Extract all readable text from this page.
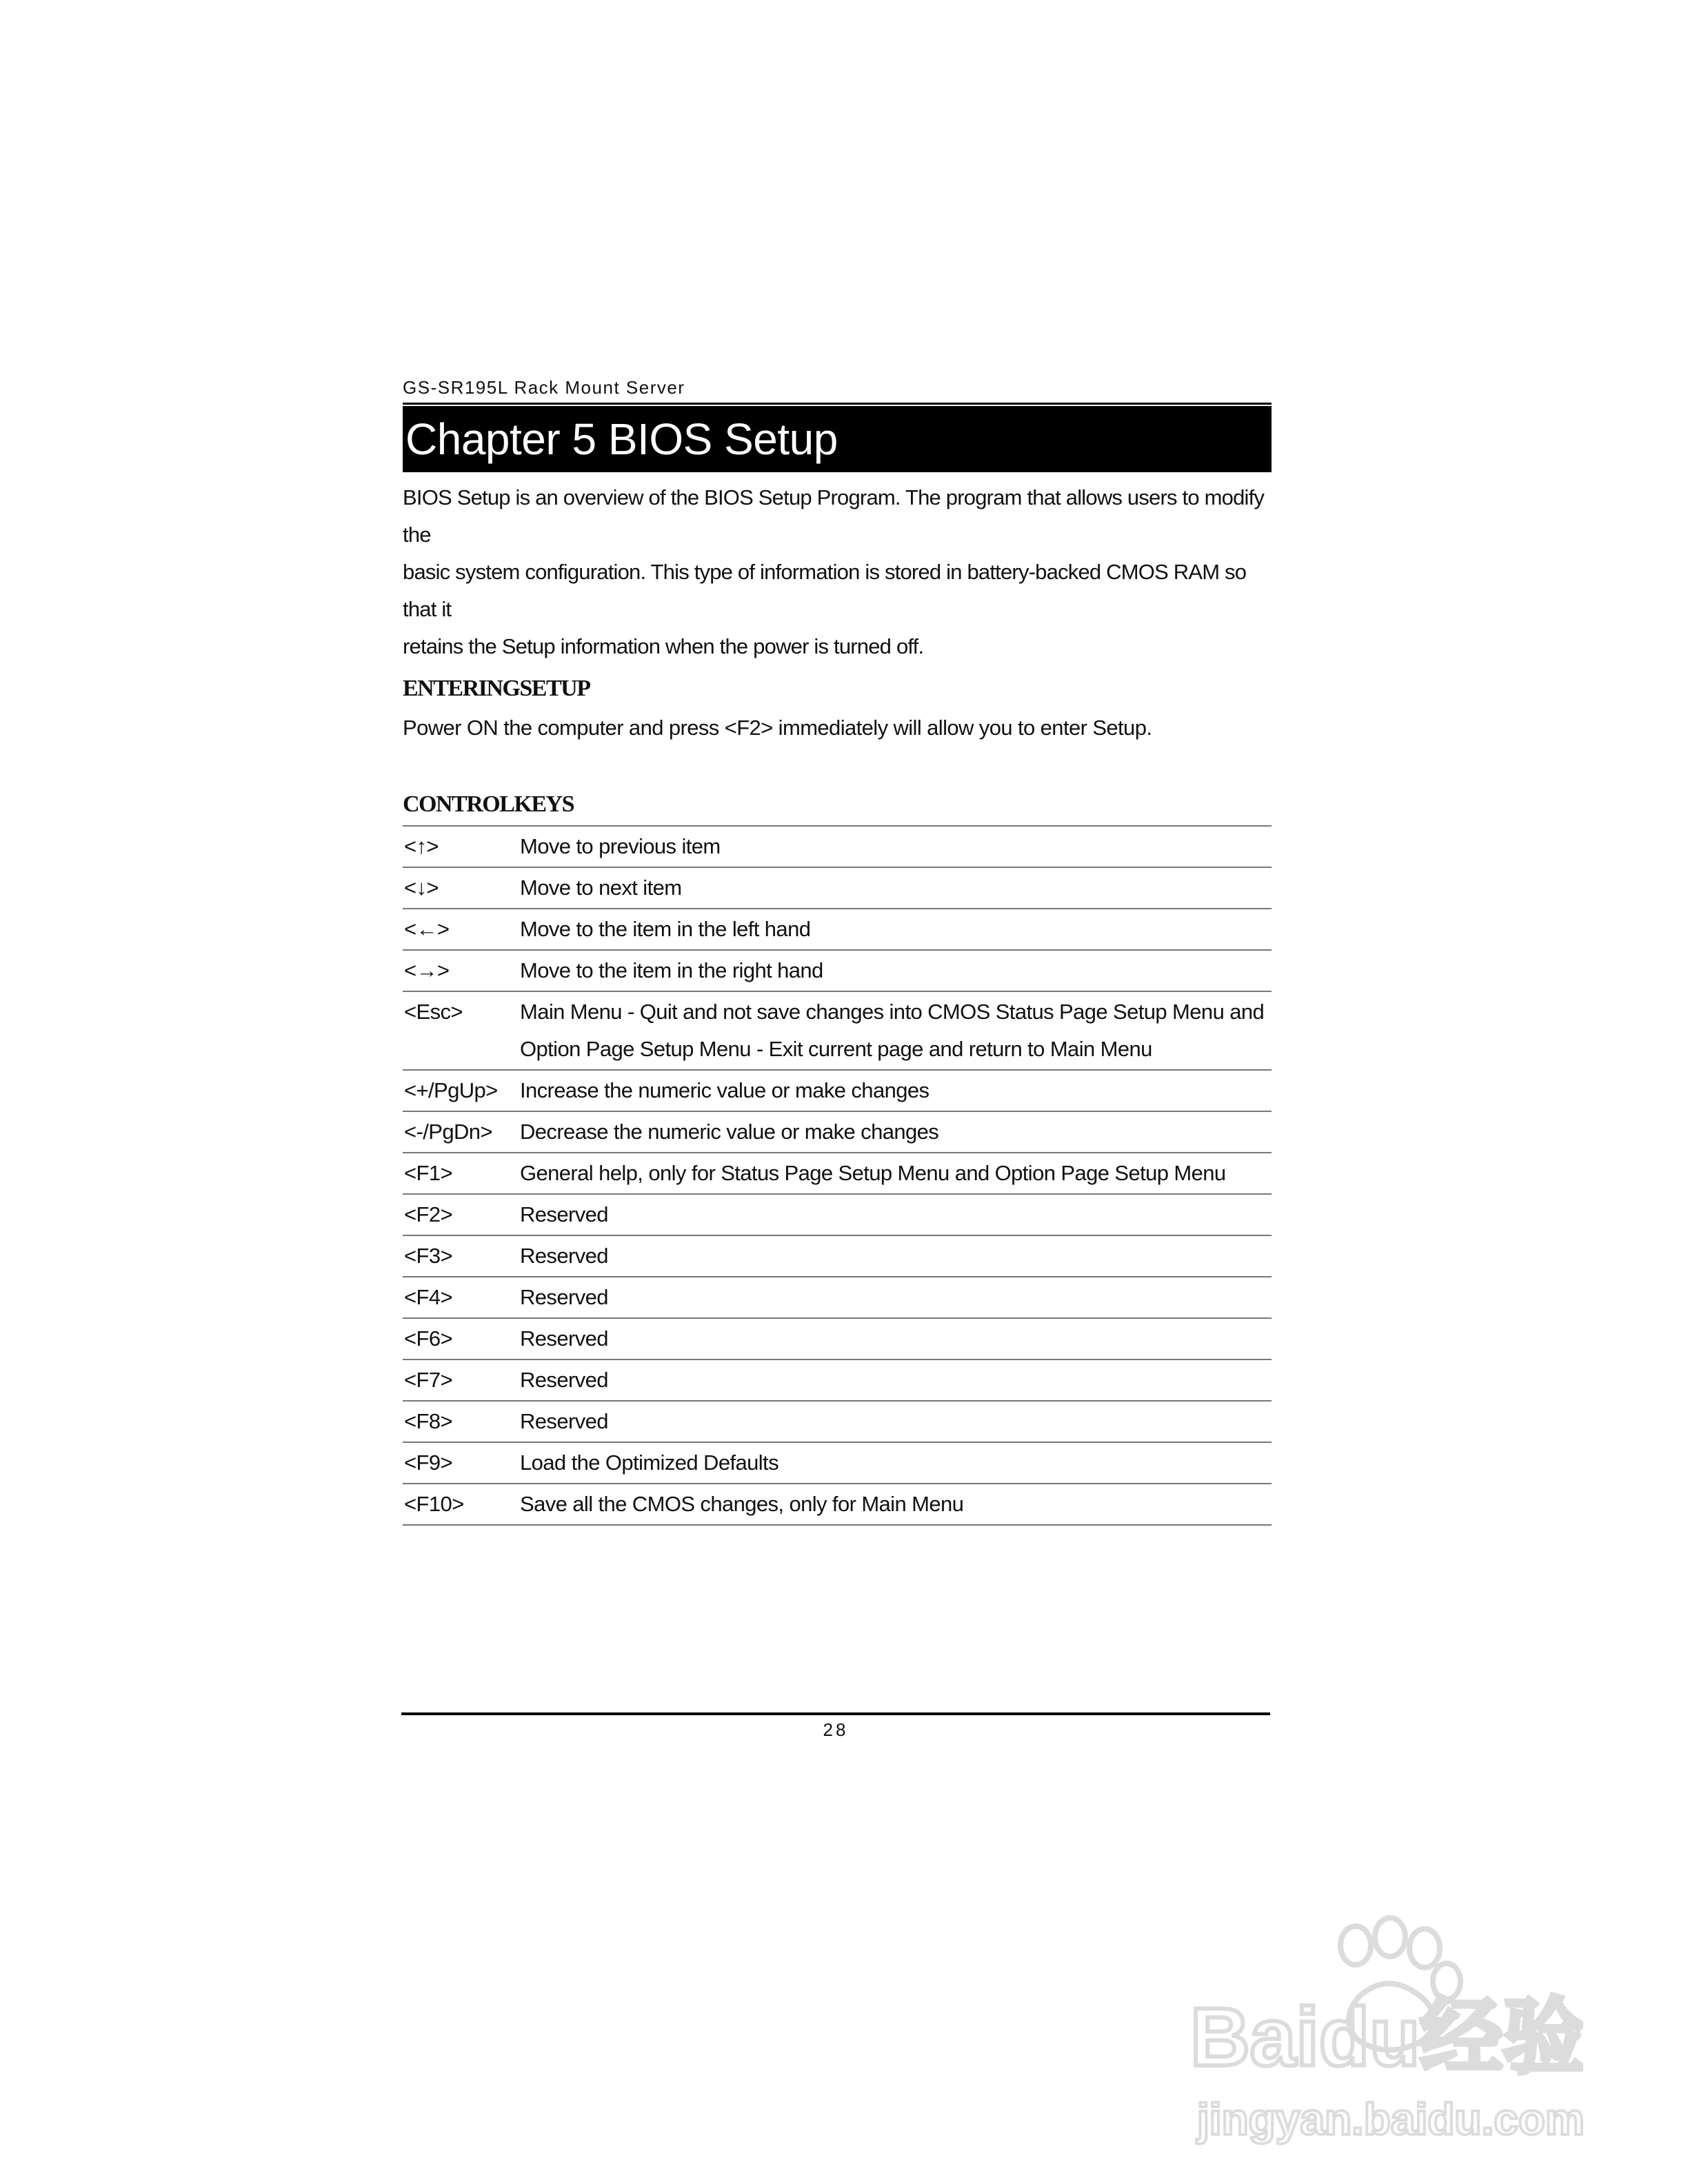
GS-SR195L Rack Mount Server
Chapter 5 BIOS Setup
BIOS Setup is an overview of the BIOS Setup Program. The program that allows users to modify the
basic system configuration. This type of information is stored in battery-backed CMOS RAM so that it
retains the Setup information when the power is turned off.
ENTERINGSETUP
Power ON the computer and press <F2> immediately will allow you to enter Setup.
CONTROLKEYS
<↑>	Move to previous item
<↓>	Move to next item
<←>	Move to the item in the left hand
<→>	Move to the item in the right hand
<Esc>	Main Menu - Quit and not save changes into CMOS Status Page Setup Menu and
Option Page Setup Menu - Exit current page and return to Main Menu

<+/PgUp>	Increase the numeric value or make changes
<-/PgDn>	Decrease the numeric value or make changes
<F1>	General help, only for Status Page Setup Menu and Option Page Setup Menu
<F2>	Reserved
<F3>	Reserved
<F4>	Reserved
<F6>	Reserved
<F7>	Reserved
<F8>	Reserved
<F9>	Load the Optimized Defaults
<F10>	Save all the CMOS changes, only for Main Menu
28
Baidu经验
jingyan.baidu.com
